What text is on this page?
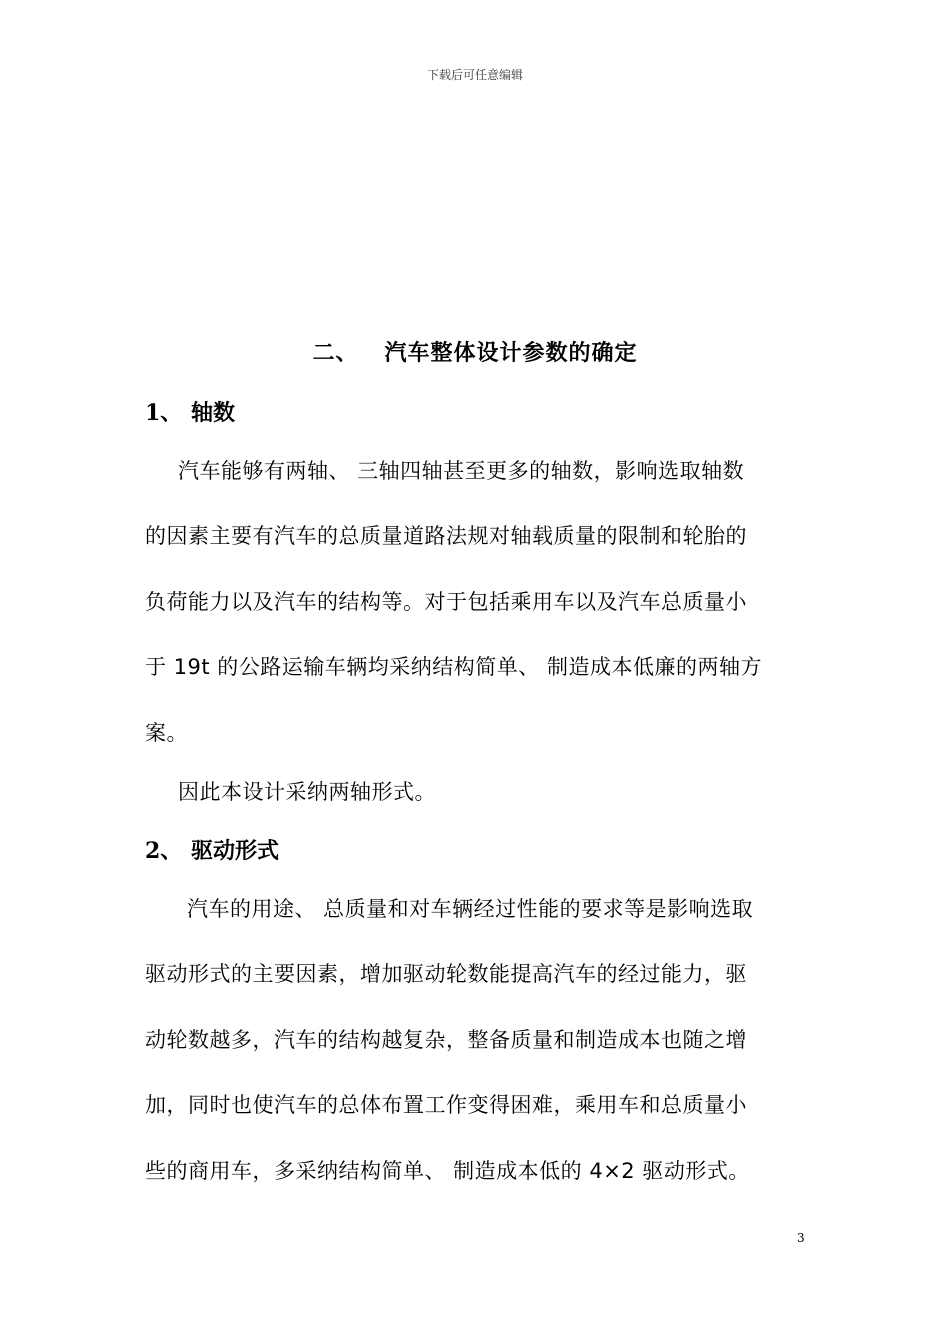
下载后可任意编辑
二、 汽车整体设计参数的确定
1、 轴数
汽车能够有两轴、 三轴四轴甚至更多的轴数，影响选取轴数
的因素主要有汽车的总质量道路法规对轴载质量的限制和轮胎的
负荷能力以及汽车的结构等。对于包括乘用车以及汽车总质量小
于 19t 的公路运输车辆均采纳结构简单、 制造成本低廉的两轴方
案。
因此本设计采纳两轴形式。
2、 驱动形式
汽车的用途、 总质量和对车辆经过性能的要求等是影响选取
驱动形式的主要因素，增加驱动轮数能提高汽车的经过能力，驱
动轮数越多，汽车的结构越复杂，整备质量和制造成本也随之增
加，同时也使汽车的总体布置工作变得困难，乘用车和总质量小
些的商用车，多采纳结构简单、 制造成本低的 4×2 驱动形式。
3
